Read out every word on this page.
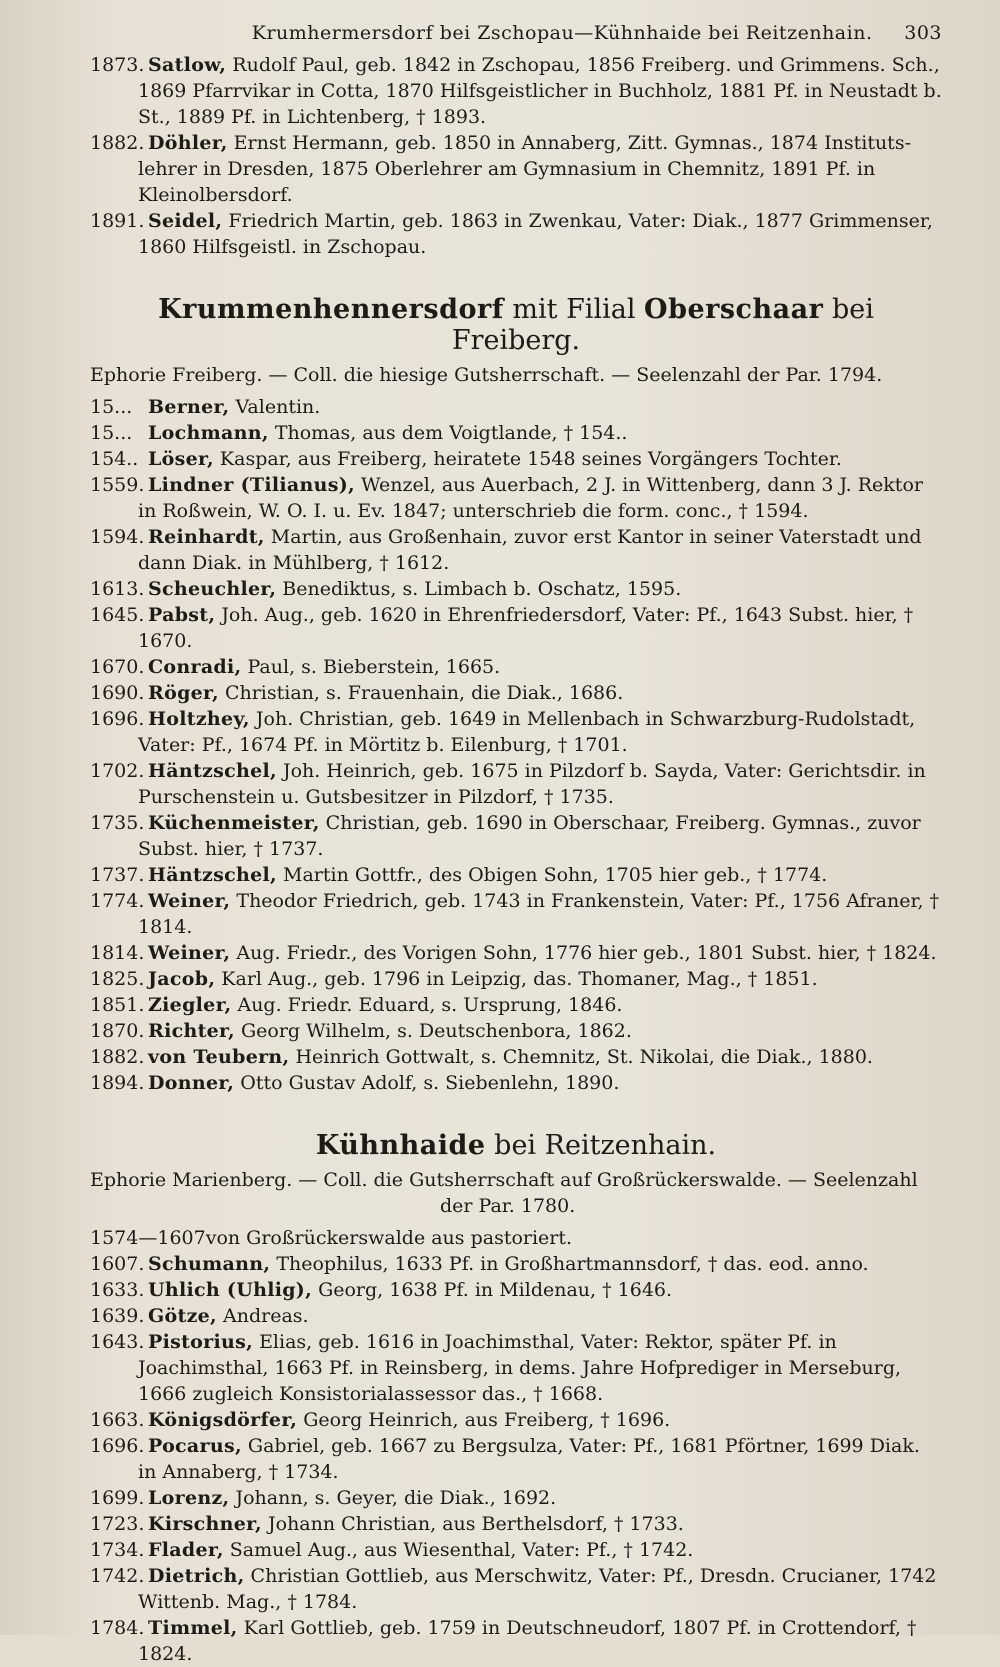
Krumhermersdorf bei Zschopau—Kühnhaide bei Reitzenhain.	303

1873. Satlow, Rudolf Paul, geb. 1842 in Zschopau, 1856 Freiberg. und Grimmens. Sch., 1869 Pfarrvikar in Cotta, 1870 Hilfsgeistlicher in Buchholz, 1881 Pf. in Neustadt b. St., 1889 Pf. in Lichtenberg, † 1893.

1882. Döhler, Ernst Hermann, geb. 1850 in Annaberg, Zitt. Gymnas., 1874 Instituts-lehrer in Dresden, 1875 Oberlehrer am Gymnasium in Chemnitz, 1891 Pf. in Kleinolbersdorf.

1891. Seidel, Friedrich Martin, geb. 1863 in Zwenkau, Vater: Diak., 1877 Grimmenser, 1860 Hilfsgeistl. in Zschopau.

Krummenhennersdorf mit Filial Oberschaar bei Freiberg.

Ephorie Freiberg. — Coll. die hiesige Gutsherrschaft. — Seelenzahl der Par. 1794.

15... Berner, Valentin.

15... Lochmann, Thomas, aus dem Voigtlande, † 154..

154.. Löser, Kaspar, aus Freiberg, heiratete 1548 seines Vorgängers Tochter.

1559. Lindner (Tilianus), Wenzel, aus Auerbach, 2 J. in Wittenberg, dann 3 J. Rektor in Roßwein, W. O. I. u. Ev. 1847; unterschrieb die form. conc., † 1594.

1594. Reinhardt, Martin, aus Großenhain, zuvor erst Kantor in seiner Vaterstadt und dann Diak. in Mühlberg, † 1612.

1613. Scheuchler, Benediktus, s. Limbach b. Oschatz, 1595.

1645. Pabst, Joh. Aug., geb. 1620 in Ehrenfriedersdorf, Vater: Pf., 1643 Subst. hier, † 1670.

1670. Conradi, Paul, s. Bieberstein, 1665.

1690. Röger, Christian, s. Frauenhain, die Diak., 1686.

1696. Holtzhey, Joh. Christian, geb. 1649 in Mellenbach in Schwarzburg-Rudolstadt, Vater: Pf., 1674 Pf. in Mörtitz b. Eilenburg, † 1701.

1702. Häntzschel, Joh. Heinrich, geb. 1675 in Pilzdorf b. Sayda, Vater: Gerichtsdir. in Purschenstein u. Gutsbesitzer in Pilzdorf, † 1735.

1735. Küchenmeister, Christian, geb. 1690 in Oberschaar, Freiberg. Gymnas., zuvor Subst. hier, † 1737.

1737. Häntzschel, Martin Gottfr., des Obigen Sohn, 1705 hier geb., † 1774.

1774. Weiner, Theodor Friedrich, geb. 1743 in Frankenstein, Vater: Pf., 1756 Afraner, † 1814.

1814. Weiner, Aug. Friedr., des Vorigen Sohn, 1776 hier geb., 1801 Subst. hier, † 1824.

1825. Jacob, Karl Aug., geb. 1796 in Leipzig, das. Thomaner, Mag., † 1851.

1851. Ziegler, Aug. Friedr. Eduard, s. Ursprung, 1846.

1870. Richter, Georg Wilhelm, s. Deutschenbora, 1862.

1882. von Teubern, Heinrich Gottwalt, s. Chemnitz, St. Nikolai, die Diak., 1880.

1894. Donner, Otto Gustav Adolf, s. Siebenlehn, 1890.

Kühnhaide bei Reitzenhain.

Ephorie Marienberg. — Coll. die Gutsherrschaft auf Großrückerswalde. — Seelenzahl der Par. 1780.

1574—1607von Großrückerswalde aus pastoriert.

1607. Schumann, Theophilus, 1633 Pf. in Großhartmannsdorf, † das. eod. anno.

1633. Uhlich (Uhlig), Georg, 1638 Pf. in Mildenau, † 1646.

1639. Götze, Andreas.

1643. Pistorius, Elias, geb. 1616 in Joachimsthal, Vater: Rektor, später Pf. in Joachimsthal, 1663 Pf. in Reinsberg, in dems. Jahre Hofprediger in Merseburg, 1666 zugleich Konsistorialassessor das., † 1668.

1663. Königsdörfer, Georg Heinrich, aus Freiberg, † 1696.

1696. Pocarus, Gabriel, geb. 1667 zu Bergsulza, Vater: Pf., 1681 Pförtner, 1699 Diak. in Annaberg, † 1734.

1699. Lorenz, Johann, s. Geyer, die Diak., 1692.

1723. Kirschner, Johann Christian, aus Berthelsdorf, † 1733.

1734. Flader, Samuel Aug., aus Wiesenthal, Vater: Pf., † 1742.

1742. Dietrich, Christian Gottlieb, aus Merschwitz, Vater: Pf., Dresdn. Crucianer, 1742 Wittenb. Mag., † 1784.

1784. Timmel, Karl Gottlieb, geb. 1759 in Deutschneudorf, 1807 Pf. in Crottendorf, † 1824.
